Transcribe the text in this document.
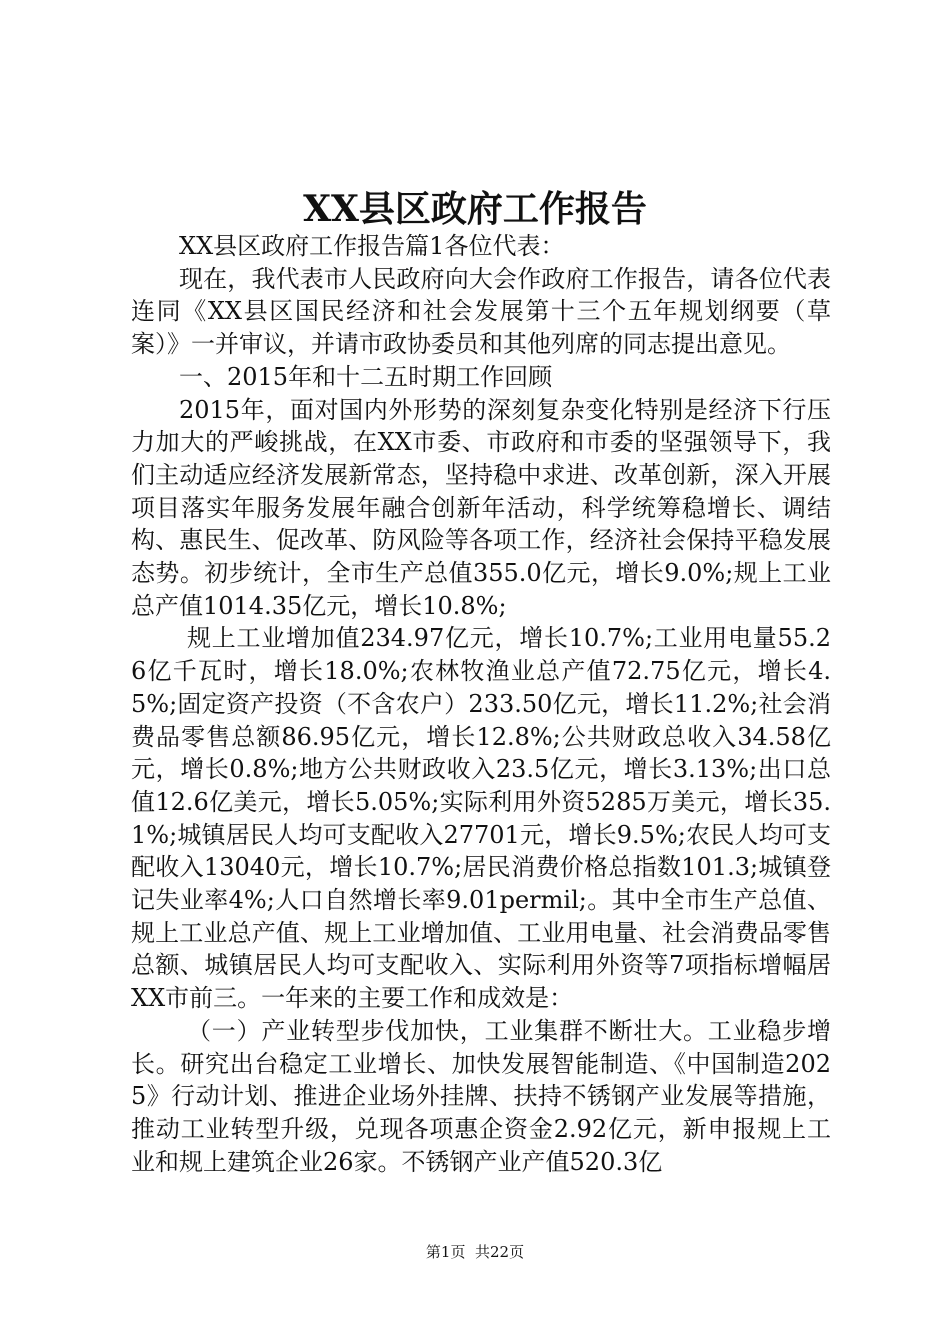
XX县区政府工作报告

XX县区政府工作报告篇1各位代表：

现在，我代表市人民政府向大会作政府工作报告，请各位代表连同《XX县区国民经济和社会发展第十三个五年规划纲要（草案）》一并审议，并请市政协委员和其他列席的同志提出意见。

一、2015年和十二五时期工作回顾

2015年，面对国内外形势的深刻复杂变化特别是经济下行压力加大的严峻挑战，在XX市委、市政府和市委的坚强领导下，我们主动适应经济发展新常态，坚持稳中求进、改革创新，深入开展项目落实年服务发展年融合创新年活动，科学统筹稳增长、调结构、惠民生、促改革、防风险等各项工作，经济社会保持平稳发展态势。初步统计，全市生产总值355.0亿元，增长9.0%;规上工业总产值1014.35亿元，增长10.8%;

规上工业增加值234.97亿元，增长10.7%;工业用电量55.26亿千瓦时，增长18.0%;农林牧渔业总产值72.75亿元，增长4.5%;固定资产投资（不含农户）233.50亿元，增长11.2%;社会消费品零售总额86.95亿元，增长12.8%;公共财政总收入34.58亿元，增长0.8%;地方公共财政收入23.5亿元，增长3.13%;出口总值12.6亿美元，增长5.05%;实际利用外资5285万美元，增长35.1%;城镇居民人均可支配收入27701元，增长9.5%;农民人均可支配收入13040元，增长10.7%;居民消费价格总指数101.3;城镇登记失业率4%;人口自然增长率9.01permil;。其中全市生产总值、规上工业总产值、规上工业增加值、工业用电量、社会消费品零售总额、城镇居民人均可支配收入、实际利用外资等7项指标增幅居XX市前三。一年来的主要工作和成效是：

（一）产业转型步伐加快，工业集群不断壮大。工业稳步增长。研究出台稳定工业增长、加快发展智能制造、《中国制造2025》行动计划、推进企业场外挂牌、扶持不锈钢产业发展等措施，推动工业转型升级，兑现各项惠企资金2.92亿元，新申报规上工业和规上建筑企业26家。不锈钢产业产值520.3亿

第1页 共22页
